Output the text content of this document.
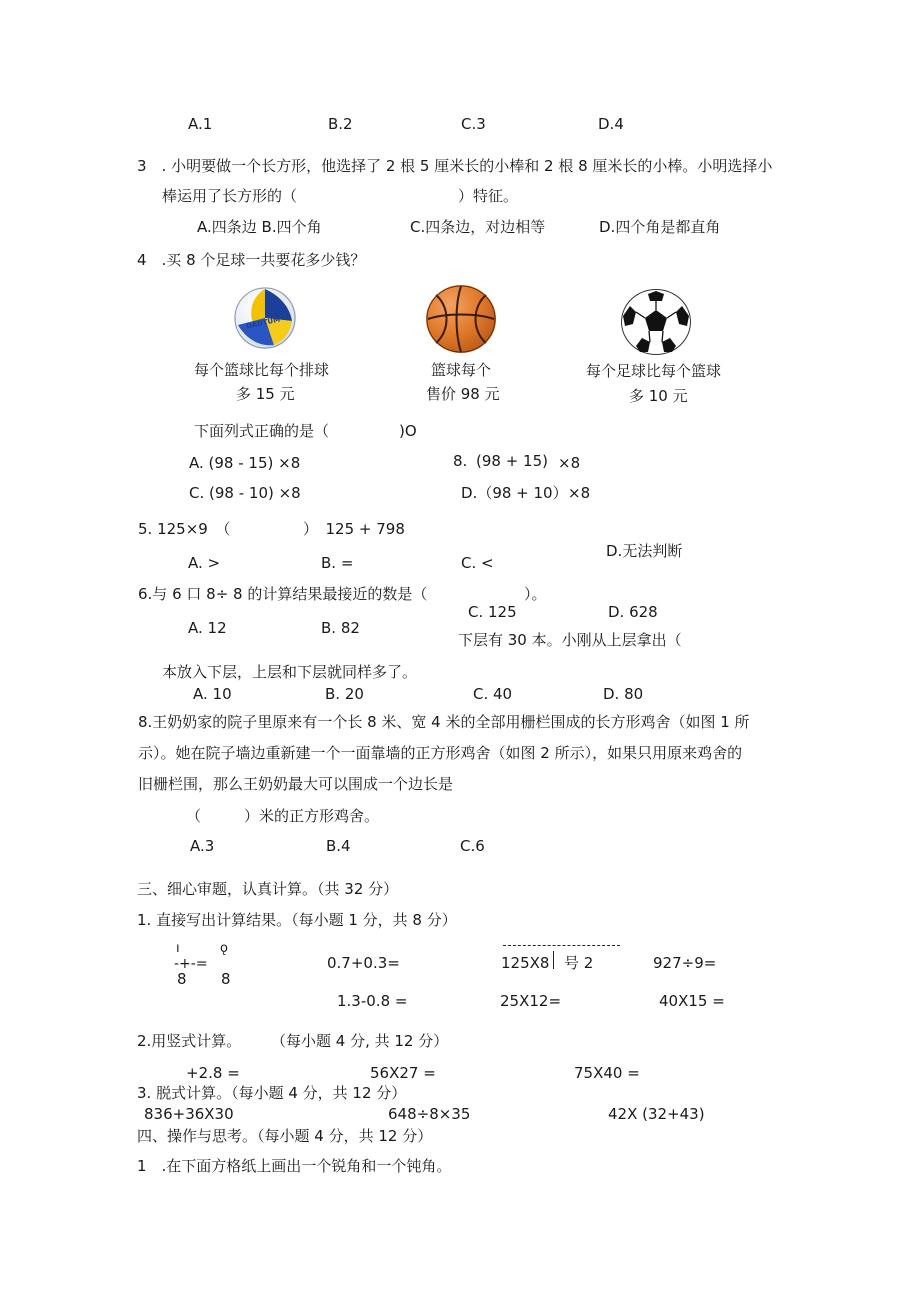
A.1	B.2	C.3	D.4
3　. 小明要做一个长方形，他选择了 2 根 5 厘米长的小棒和 2 根 8 厘米长的小棒。小明选择小
棒运用了长方形的（	）特征。
A.四条边 B.四个角	C.四条边，对边相等	D.四个角是都直角
4　.买 8 个足球一共要花多少钱？
DADTUM
每个篮球比每个排球
多 15 元
篮球每个
售价 98 元
每个足球比每个篮球
多 10 元
下面列式正确的是（	)O
A. (98 - 15) ×8	8. (98 + 15) ×8
C. (98 - 10) ×8	D.（98 + 10） ×8
5. 125×9　（	）　125 + 798
D.无法判断
A. >	B. =	C. <
6.与 6 口 8÷ 8 的计算结果最接近的数是（	）。
C. 125	D. 628
A. 12	B. 82
下层有 30 本。小刚从上层拿出（
本放入下层，上层和下层就同样多了。
A. 10	B. 20	C. 40	D. 80
8.王奶奶家的院子里原来有一个长 8 米、宽 4 米的全部用栅栏围成的长方形鸡舍（如图 1 所
示）。她在院子墙边重新建一个一面靠墙的正方形鸡舍（如图 2 所示），如果只用原来鸡舍的
旧栅栏围，那么王奶奶最大可以围成一个边长是
（	）米的正方形鸡舍。
A.3	B.4	C.6
三、细心审题，认真计算。（共 32 分）
1. 直接写出计算结果。（每小题 1 分，共 8 分）
ı	ǫ
-+-=
8 8
0.7+0.3=	125X8 号 2	927÷9=
1.3-0.8 =	25X12=	40X15 =
2.用竖式计算。 （每小题 4 分, 共 12 分）
+2.8 =	56X27 =	75X40 =
3. 脱式计算。（每小题 4 分，共 12 分）
836+36X30	648÷8×35	42X (32+43)
四、操作与思考。（每小题 4 分，共 12 分）
1　.在下面方格纸上画出一个锐角和一个钝角。
